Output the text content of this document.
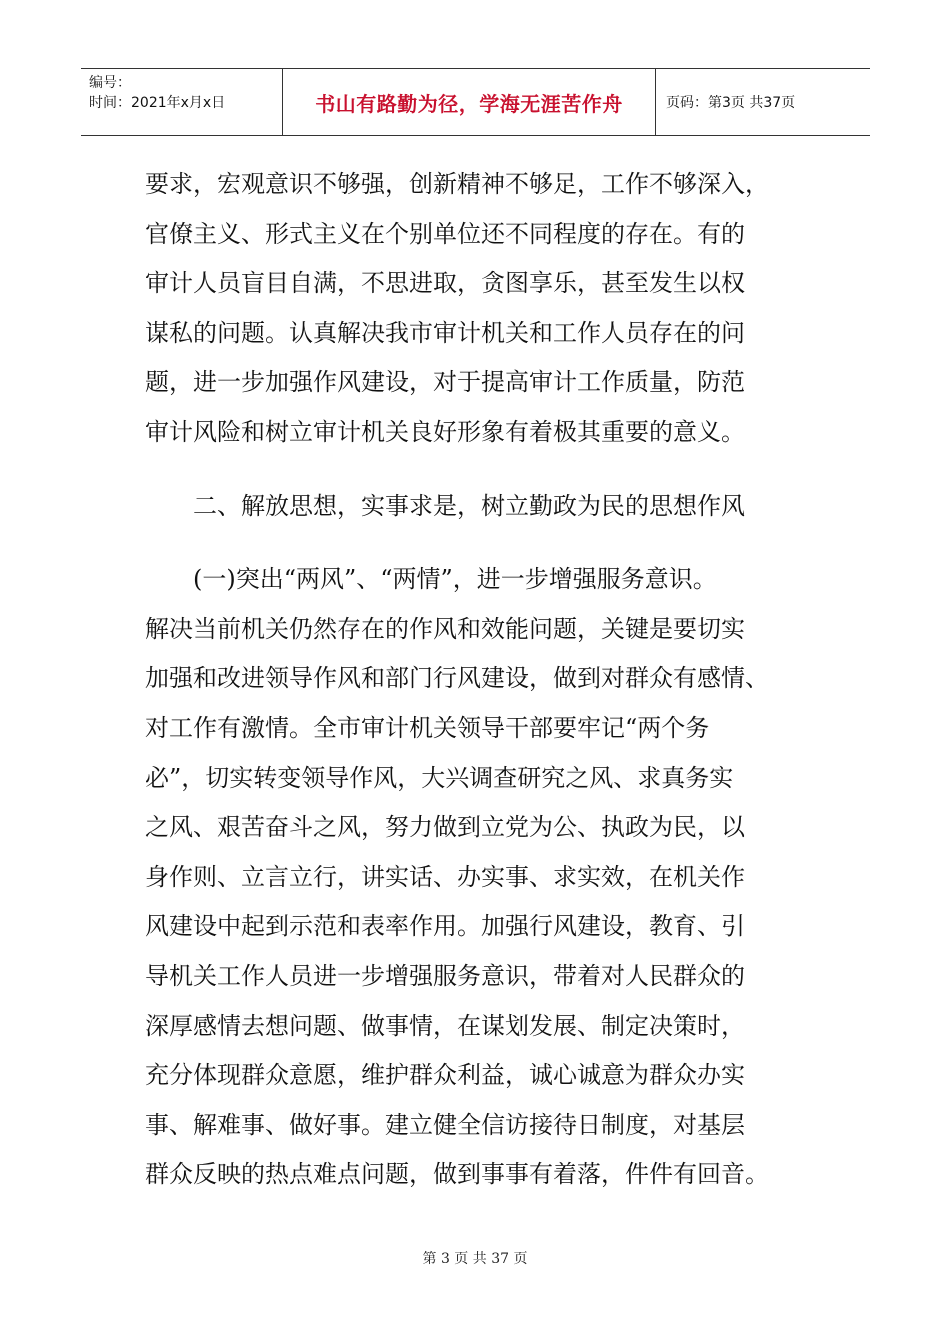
编号：
时间：2021年x月x日	书山有路勤为径，学海无涯苦作舟	页码：第3页 共37页

要求，宏观意识不够强，创新精神不够足，工作不够深入，

官僚主义、形式主义在个别单位还不同程度的存在。有的

审计人员盲目自满，不思进取，贪图享乐，甚至发生以权

谋私的问题。认真解决我市审计机关和工作人员存在的问

题，进一步加强作风建设，对于提高审计工作质量，防范

审计风险和树立审计机关良好形象有着极其重要的意义。

二、解放思想，实事求是，树立勤政为民的思想作风

(一)突出“两风”、“两情”，进一步增强服务意识。

解决当前机关仍然存在的作风和效能问题，关键是要切实

加强和改进领导作风和部门行风建设，做到对群众有感情、

对工作有激情。全市审计机关领导干部要牢记“两个务

必”，切实转变领导作风，大兴调查研究之风、求真务实

之风、艰苦奋斗之风，努力做到立党为公、执政为民，以

身作则、立言立行，讲实话、办实事、求实效，在机关作

风建设中起到示范和表率作用。加强行风建设，教育、引

导机关工作人员进一步增强服务意识，带着对人民群众的

深厚感情去想问题、做事情，在谋划发展、制定决策时，

充分体现群众意愿，维护群众利益，诚心诚意为群众办实

事、解难事、做好事。建立健全信访接待日制度，对基层

群众反映的热点难点问题，做到事事有着落，件件有回音。

第 3 页 共 37 页
